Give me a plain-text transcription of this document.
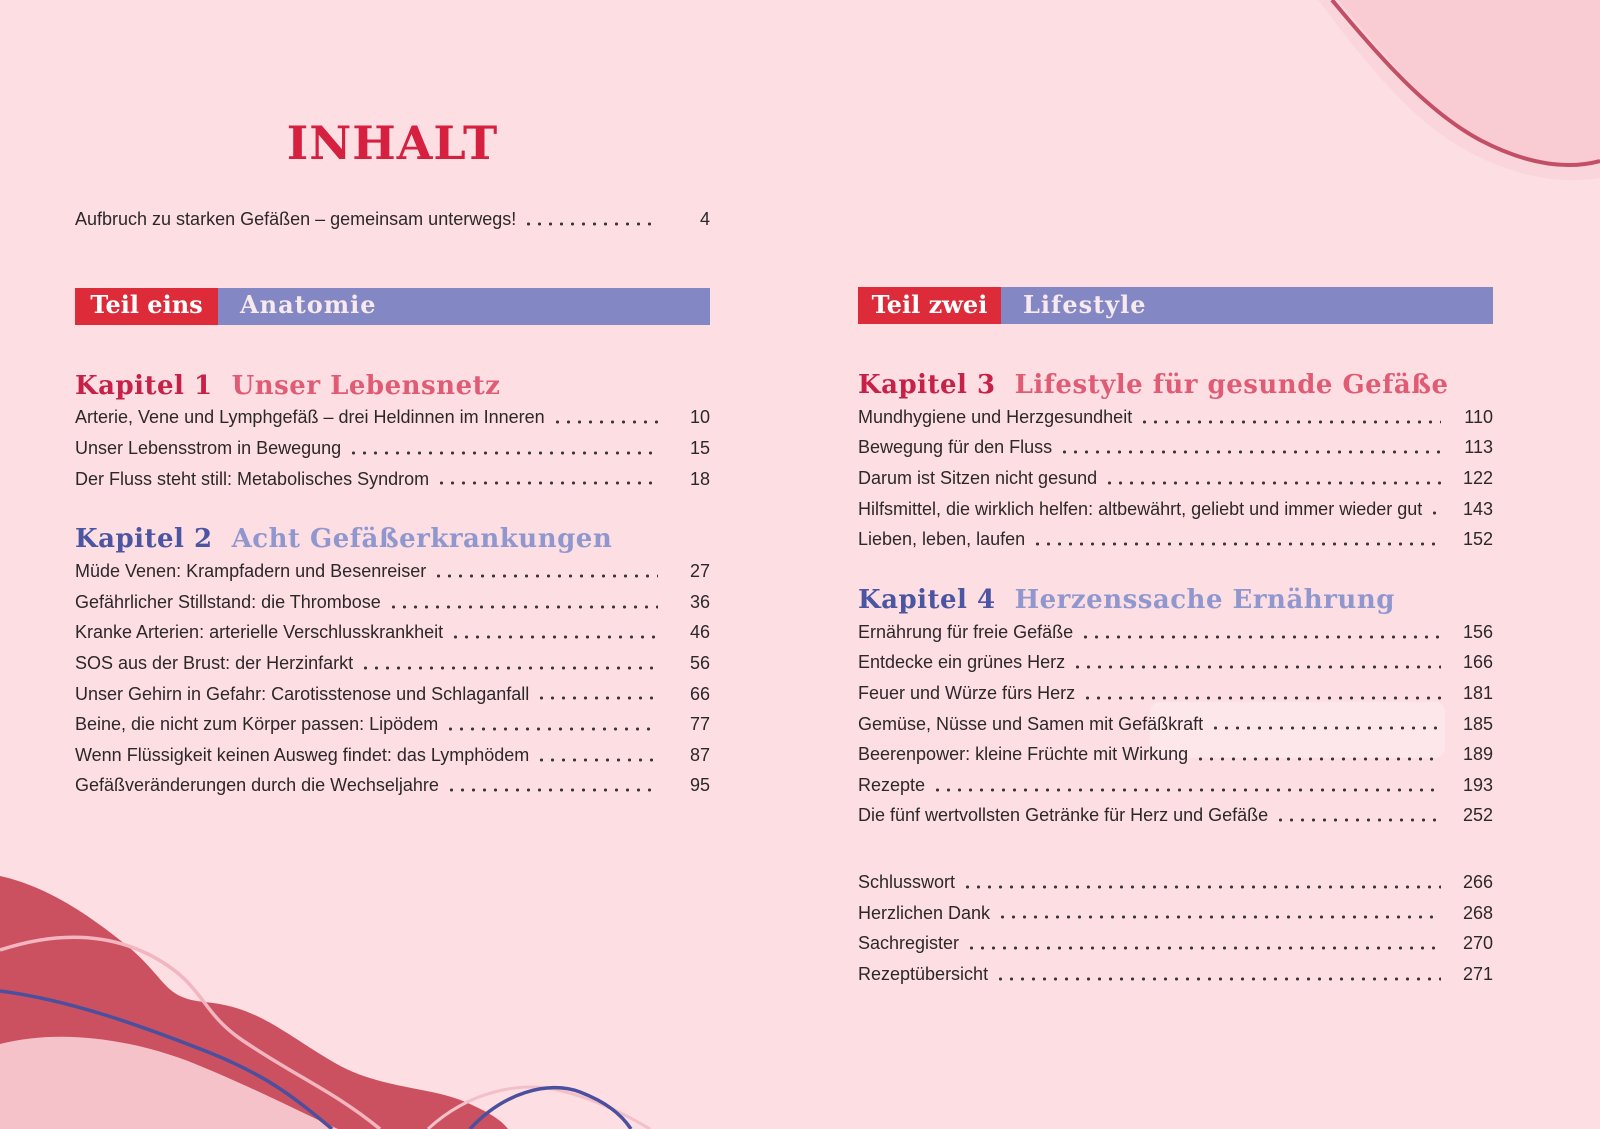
INHALT
Aufbruch zu starken Gefäßen – gemeinsam unterwegs!	4
Teil eins	Anatomie
Kapitel 1 Unser Lebensnetz
Arterie, Vene und Lymphgefäß – drei Heldinnen im Inneren	10
Unser Lebensstrom in Bewegung	15
Der Fluss steht still: Metabolisches Syndrom	18
Kapitel 2 Acht Gefäßerkrankungen
Müde Venen: Krampfadern und Besenreiser	27
Gefährlicher Stillstand: die Thrombose	36
Kranke Arterien: arterielle Verschlusskrankheit	46
SOS aus der Brust: der Herzinfarkt	56
Unser Gehirn in Gefahr: Carotisstenose und Schlaganfall	66
Beine, die nicht zum Körper passen: Lipödem	77
Wenn Flüssigkeit keinen Ausweg findet: das Lymphödem	87
Gefäßveränderungen durch die Wechseljahre	95
Teil zwei	Lifestyle
Kapitel 3 Lifestyle für gesunde Gefäße
Mundhygiene und Herzgesundheit	110
Bewegung für den Fluss	113
Darum ist Sitzen nicht gesund	122
Hilfsmittel, die wirklich helfen: altbewährt, geliebt und immer wieder gut	143
Lieben, leben, laufen	152
Kapitel 4 Herzenssache Ernährung
Ernährung für freie Gefäße	156
Entdecke ein grünes Herz	166
Feuer und Würze fürs Herz	181
Gemüse, Nüsse und Samen mit Gefäßkraft	185
Beerenpower: kleine Früchte mit Wirkung	189
Rezepte	193
Die fünf wertvollsten Getränke für Herz und Gefäße	252
Schlusswort	266
Herzlichen Dank	268
Sachregister	270
Rezeptübersicht	271
